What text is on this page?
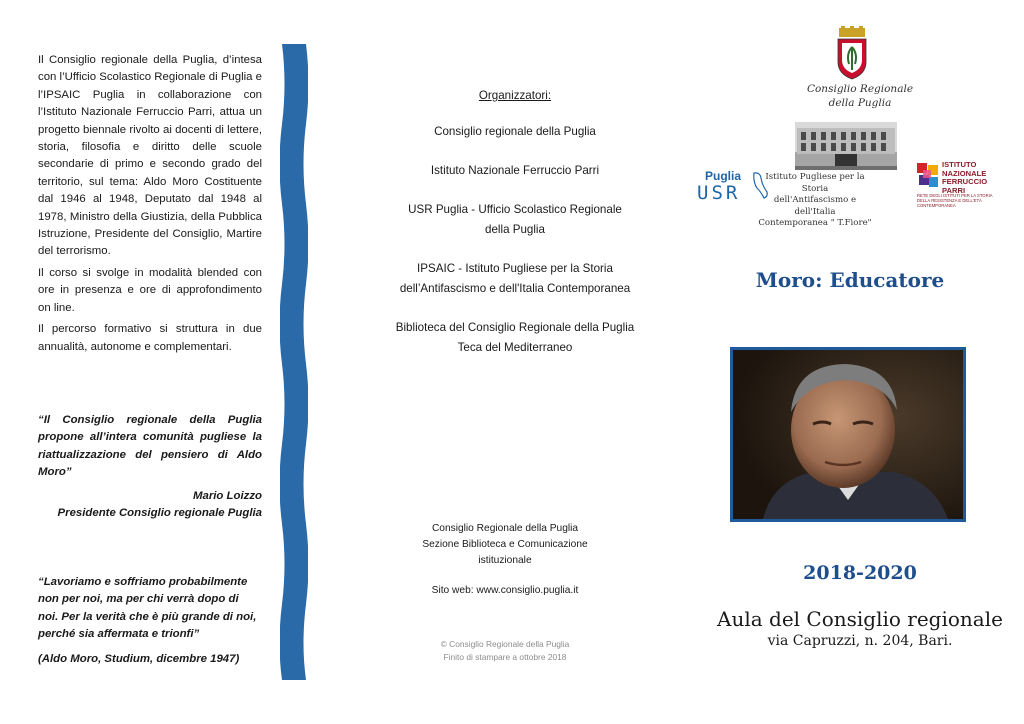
Il Consiglio regionale della Puglia, d’intesa con l’Ufficio Scolastico Regionale di Puglia e l’IPSAIC Puglia in collaborazione con l’Istituto Nazionale Ferruccio Parri, attua un progetto biennale rivolto ai docenti di lettere, storia, filosofia e diritto delle scuole secondarie di primo e secondo grado del territorio, sul tema: Aldo Moro Costituente dal 1946 al 1948, Deputato dal 1948 al 1978, Ministro della Giustizia, della Pubblica Istruzione, Presidente del Consiglio, Martire del terrorismo.

Il corso si svolge in modalità blended con ore in presenza e ore di approfondimento on line.

Il percorso formativo si struttura in due annualità, autonome e complementari.

“Il Consiglio regionale della Puglia propone all’intera comunità pugliese la riattualizzazione del pensiero di Aldo Moro”
Mario Loizzo
Presidente Consiglio regionale Puglia
“Lavoriamo e soffriamo probabilmente non per noi, ma per chi verrà dopo di noi. Per la verità che è più grande di noi, perché sia affermata e trionfi”
(Aldo Moro, Studium, dicembre 1947)
Organizzatori:
Consiglio regionale della Puglia
Istituto Nazionale Ferruccio Parri
USR Puglia - Ufficio Scolastico Regionale
della Puglia
IPSAIC - Istituto Pugliese per la Storia
dell’Antifascismo e dell'Italia Contemporanea
Biblioteca del Consiglio Regionale della Puglia
Teca del Mediterraneo
Consiglio Regionale della Puglia
Sezione Biblioteca e Comunicazione
istituzionale
Sito web: www.consiglio.puglia.it
© Consiglio Regionale della Puglia
Finito di stampare a ottobre 2018
Consiglio Regionale
della Puglia
Puglia
USR
Istituto Pugliese per la Storia
dell'Antifascismo e dell'Italia
Contemporanea " T.Fiore"
ISTITUTO
NAZIONALE
FERRUCCIO
PARRI
RETE DEGLI ISTITUTI PER LA STORIA DELLA RESISTENZA E DELL'ETÀ CONTEMPORANEA
Moro: Educatore
2018-2020
Aula del Consiglio regionale
via Capruzzi, n. 204, Bari.
